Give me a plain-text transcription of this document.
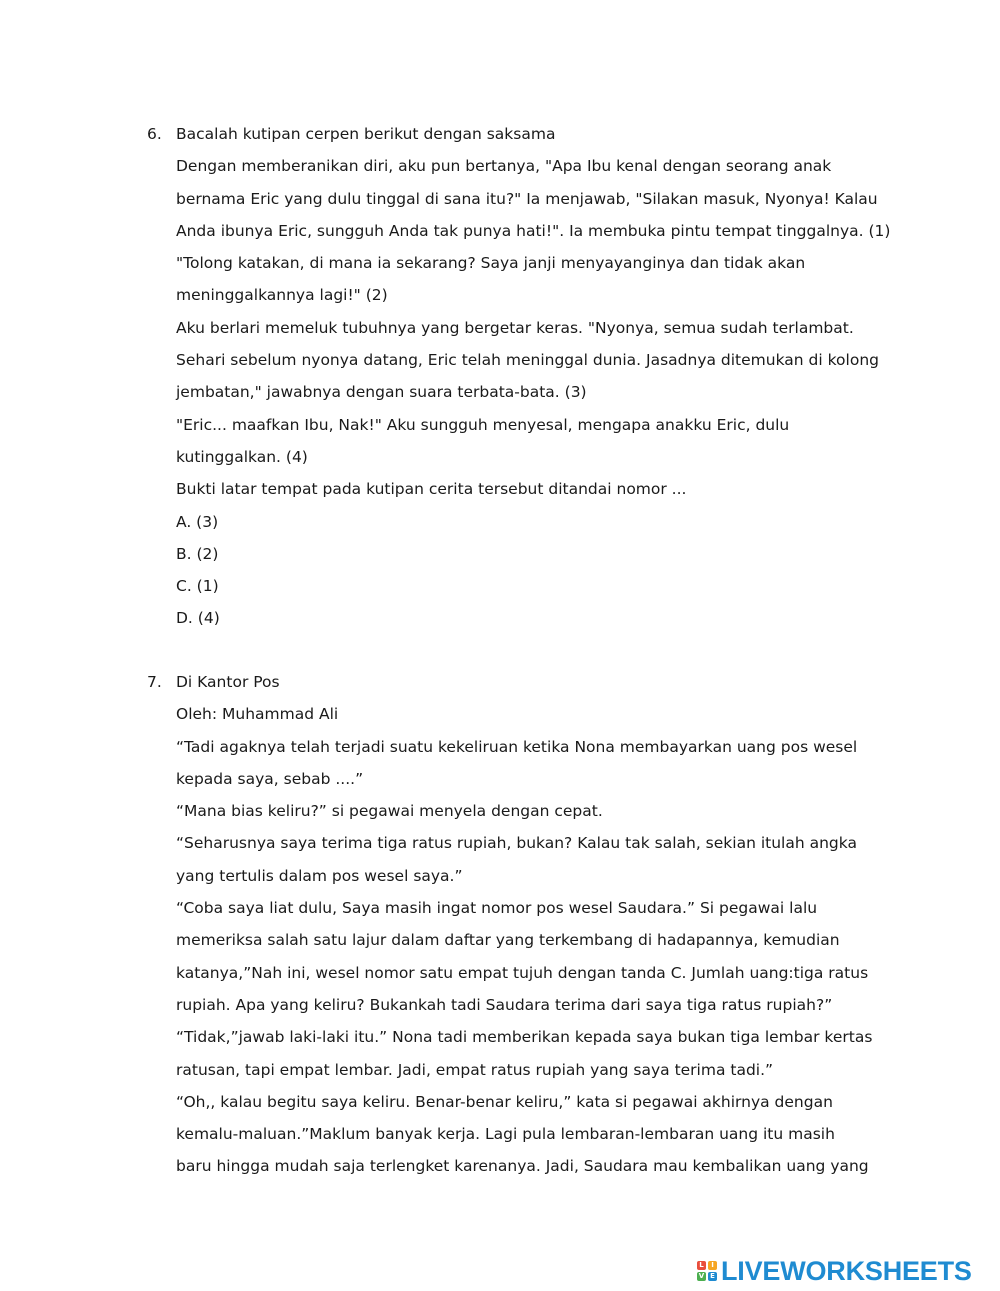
6. Bacalah kutipan cerpen berikut dengan saksama
Dengan memberanikan diri, aku pun bertanya, "Apa Ibu kenal dengan seorang anak
bernama Eric yang dulu tinggal di sana itu?" Ia menjawab, "Silakan masuk, Nyonya! Kalau
Anda ibunya Eric, sungguh Anda tak punya hati!". Ia membuka pintu tempat tinggalnya. (1)
"Tolong katakan, di mana ia sekarang? Saya janji menyayanginya dan tidak akan
meninggalkannya lagi!" (2)
Aku berlari memeluk tubuhnya yang bergetar keras. "Nyonya, semua sudah terlambat.
Sehari sebelum nyonya datang, Eric telah meninggal dunia. Jasadnya ditemukan di kolong
jembatan," jawabnya dengan suara terbata-bata. (3)
"Eric... maafkan Ibu, Nak!" Aku sungguh menyesal, mengapa anakku Eric, dulu
kutinggalkan. (4)
Bukti latar tempat pada kutipan cerita tersebut ditandai nomor ...
A. (3)
B. (2)
C. (1)
D. (4)
7. Di Kantor Pos
Oleh: Muhammad Ali
“Tadi agaknya telah terjadi suatu kekeliruan ketika Nona membayarkan uang pos wesel
kepada saya, sebab ....”
“Mana bias keliru?” si pegawai menyela dengan cepat.
“Seharusnya saya terima tiga ratus rupiah, bukan? Kalau tak salah, sekian itulah angka
yang tertulis dalam pos wesel saya.”
“Coba saya liat dulu, Saya masih ingat nomor pos wesel Saudara.” Si pegawai lalu
memeriksa salah satu lajur dalam daftar yang terkembang di hadapannya, kemudian
katanya,”Nah ini, wesel nomor satu empat tujuh dengan tanda C. Jumlah uang:tiga ratus
rupiah. Apa yang keliru? Bukankah tadi Saudara terima dari saya tiga ratus rupiah?”
“Tidak,”jawab laki-laki itu.” Nona tadi memberikan kepada saya bukan tiga lembar kertas
ratusan, tapi empat lembar. Jadi, empat ratus rupiah yang saya terima tadi.”
“Oh,, kalau begitu saya keliru. Benar-benar keliru,” kata si pegawai akhirnya dengan
kemalu-maluan.”Maklum banyak kerja. Lagi pula lembaran-lembaran uang itu masih
baru hingga mudah saja terlengket karenanya. Jadi, Saudara mau kembalikan uang yang
L	I
V E LIVEWORKSHEETS
